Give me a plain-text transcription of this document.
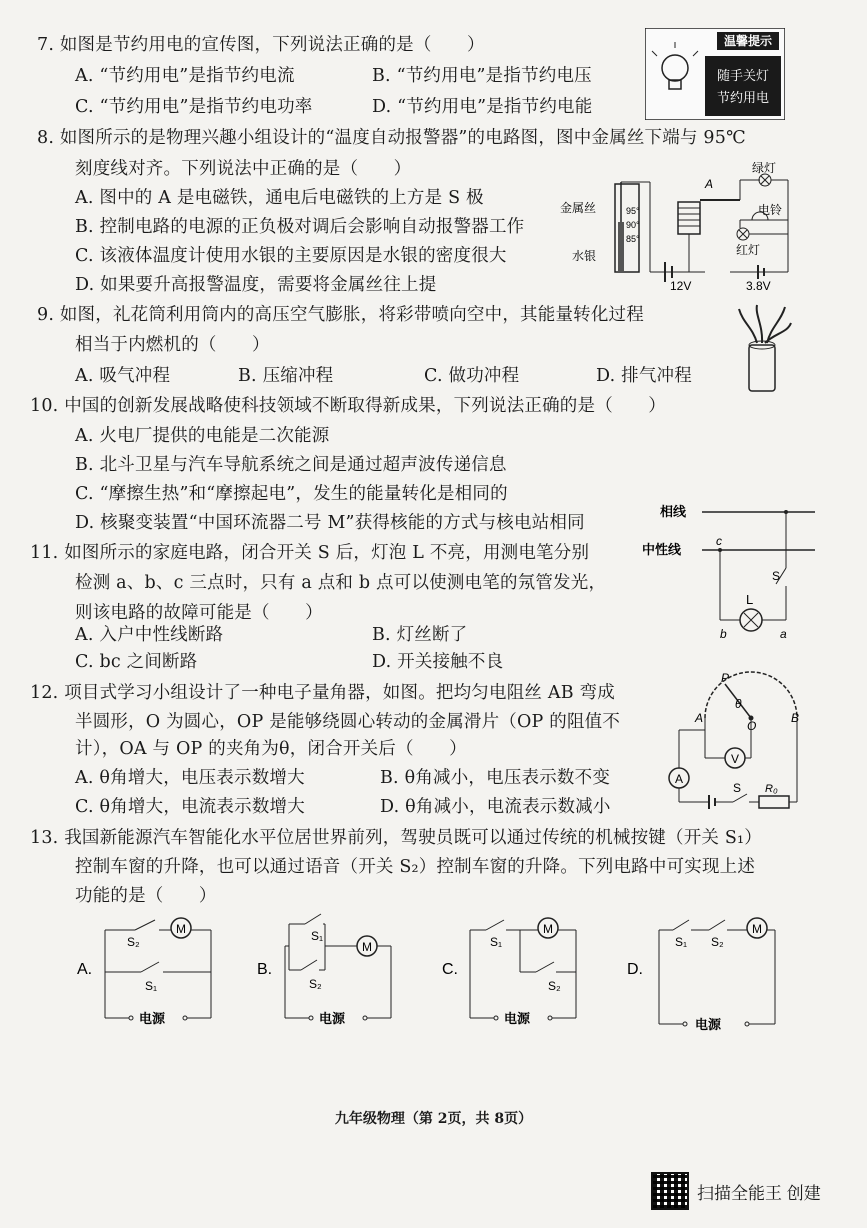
7. 如图是节约用电的宣传图，下列说法正确的是（　　）
A. “节约用电”是指节约电流	B. “节约用电”是指节约电压
C. “节约用电”是指节约电功率	D. “节约用电”是指节约电能
温馨提示
随手关灯
节约用电
8. 如图所示的是物理兴趣小组设计的“温度自动报警器”的电路图，图中金属丝下端与 95℃
刻度线对齐。下列说法中正确的是（　　）
A. 图中的 A 是电磁铁，通电后电磁铁的上方是 S 极
B. 控制电路的电源的正负极对调后会影响自动报警器工作
C. 该液体温度计使用水银的主要原因是水银的密度很大
D. 如果要升高报警温度，需要将金属丝往上提
95°
90°
85°
金属丝
水银
12V
A
绿灯
电铃
红灯
3.8V
9. 如图，礼花筒利用筒内的高压空气膨胀，将彩带喷向空中，其能量转化过程
相当于内燃机的（　　）
A. 吸气冲程	B. 压缩冲程	C. 做功冲程	D. 排气冲程
10. 中国的创新发展战略使科技领域不断取得新成果，下列说法正确的是（　　）
A. 火电厂提供的电能是二次能源
B. 北斗卫星与汽车导航系统之间是通过超声波传递信息
C. “摩擦生热”和“摩擦起电”，发生的能量转化是相同的
D. 核聚变装置“中国环流器二号 M”获得核能的方式与核电站相同
11. 如图所示的家庭电路，闭合开关 S 后，灯泡 L 不亮，用测电笔分别
检测 a、b、c 三点时，只有 a 点和 b 点可以使测电笔的氖管发光，
则该电路的故障可能是（　　）
A. 入户中性线断路	B. 灯丝断了
C. bc 之间断路	D. 开关接触不良
相线
中性线
c
S
L
b	a
12. 项目式学习小组设计了一种电子量角器，如图。把均匀电阻丝 AB 弯成
半圆形，O 为圆心，OP 是能够绕圆心转动的金属滑片（OP 的阻值不
计），OA 与 OP 的夹角为θ，闭合开关后（　　）
A. θ角增大，电压表示数增大	B. θ角减小，电压表示数不变
C. θ角增大，电流表示数增大	D. θ角减小，电流表示数减小
P
A
O
B
θ
V
A
S R₀
13. 我国新能源汽车智能化水平位居世界前列，驾驶员既可以通过传统的机械按键（开关 S₁）
控制车窗的升降，也可以通过语音（开关 S₂）控制车窗的升降。下列电路中可实现上述
功能的是（　　）
A.
S₂
M
S₁
电源
B.
S₁
S₂
M
电源
C.
S₁
M
S₂
电源
D.
S₁ S₂
M
电源
九年级物理（第 2页，共 8页）
扫描全能王 创建
